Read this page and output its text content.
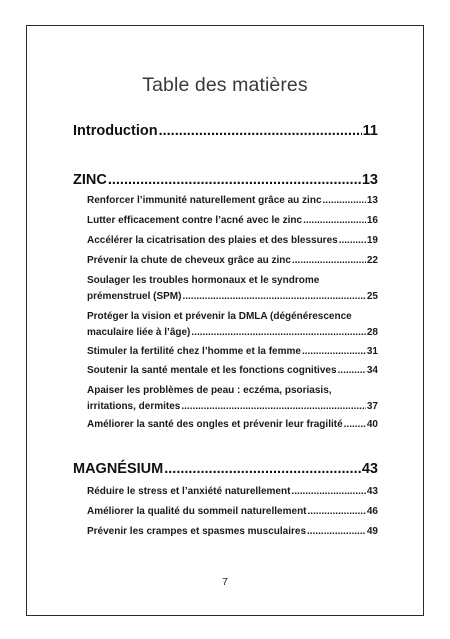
Table des matières
Introduction .....	11
ZINC .....	13
Renforcer l’immunité naturellement grâce au zinc .....	13
Lutter efficacement contre l’acné avec le zinc .....	16
Accélérer la cicatrisation des plaies et des blessures .....	19
Prévenir la chute de cheveux grâce au zinc .....	22
Soulager les troubles hormonaux et le syndrome
prémenstruel (SPM) .....	25
Protéger la vision et prévenir la DMLA (dégénérescence
maculaire liée à l’âge) .....	28
Stimuler la fertilité chez l’homme et la femme .....	31
Soutenir la santé mentale et les fonctions cognitives .....	34
Apaiser les problèmes de peau : eczéma, psoriasis,
irritations, dermites .....	37
Améliorer la santé des ongles et prévenir leur fragilité ..... 40
MAGNÉSIUM .....	43
Réduire le stress et l’anxiété naturellement .....	43
Améliorer la qualité du sommeil naturellement .....	46
Prévenir les crampes et spasmes musculaires .....	49
7
